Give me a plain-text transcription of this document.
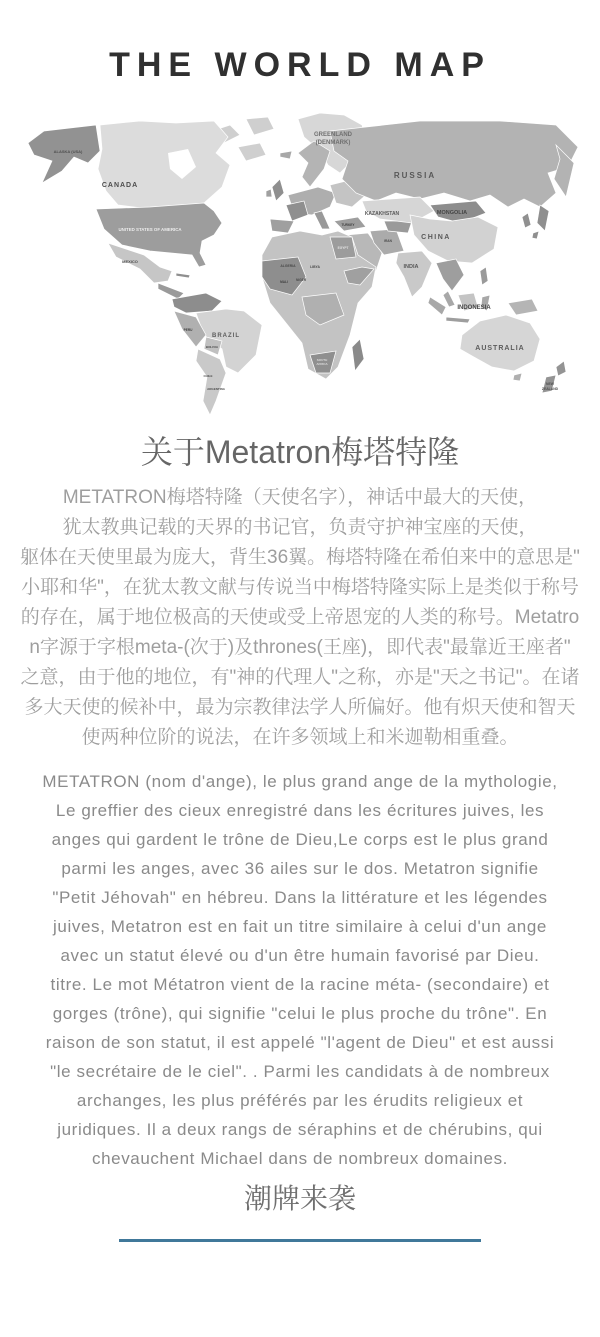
THE WORLD MAP
GREENLAND
(DENMARK)
ALASKA (USA)
CANADA
UNITED STATES OF AMERICA
MEXICO
BRAZIL
PERU
BOLIVIA
CHILE
ARGENTINA
RUSSIA
KAZAKHSTAN	MONGOLIA
CHINA
INDIA
INDONESIA
AUSTRALIA
NEW
ZEALAND
TURKEY
IRAN
ALGERIA	LIBYA
EGYPT
MALI	NIGER
SOUTH
AFRICA
关于Metatron梅塔特隆
METATRON梅塔特隆（天使名字），神话中最大的天使，
犹太教典记载的天界的书记官，负责守护神宝座的天使，
躯体在天使里最为庞大，背生36翼。梅塔特隆在希伯来中的意思是"
小耶和华"，在犹太教文献与传说当中梅塔特隆实际上是类似于称号
的存在，属于地位极高的天使或受上帝恩宠的人类的称号。Metatro
n字源于字根meta-(次于)及thrones(王座)，即代表"最靠近王座者"
之意，由于他的地位，有"神的代理人"之称，亦是"天之书记"。在诸
多大天使的候补中，最为宗教律法学人所偏好。他有炽天使和智天
使两种位阶的说法，在许多领域上和米迦勒相重叠。
METATRON (nom d'ange), le plus grand ange de la mythologie,
Le greffier des cieux enregistré dans les écritures juives, les
anges qui gardent le trône de Dieu,Le corps est le plus grand
parmi les anges, avec 36 ailes sur le dos. Metatron signifie
"Petit Jéhovah" en hébreu. Dans la littérature et les légendes
juives, Metatron est en fait un titre similaire à celui d'un ange
avec un statut élevé ou d'un être humain favorisé par Dieu.
titre. Le mot Métatron vient de la racine méta- (secondaire) et
gorges (trône), qui signifie "celui le plus proche du trône". En
raison de son statut, il est appelé "l'agent de Dieu" et est aussi
"le secrétaire de le ciel". . Parmi les candidats à de nombreux
archanges, les plus préférés par les érudits religieux et
juridiques. Il a deux rangs de séraphins et de chérubins, qui
chevauchent Michael dans de nombreux domaines.
潮牌来袭
